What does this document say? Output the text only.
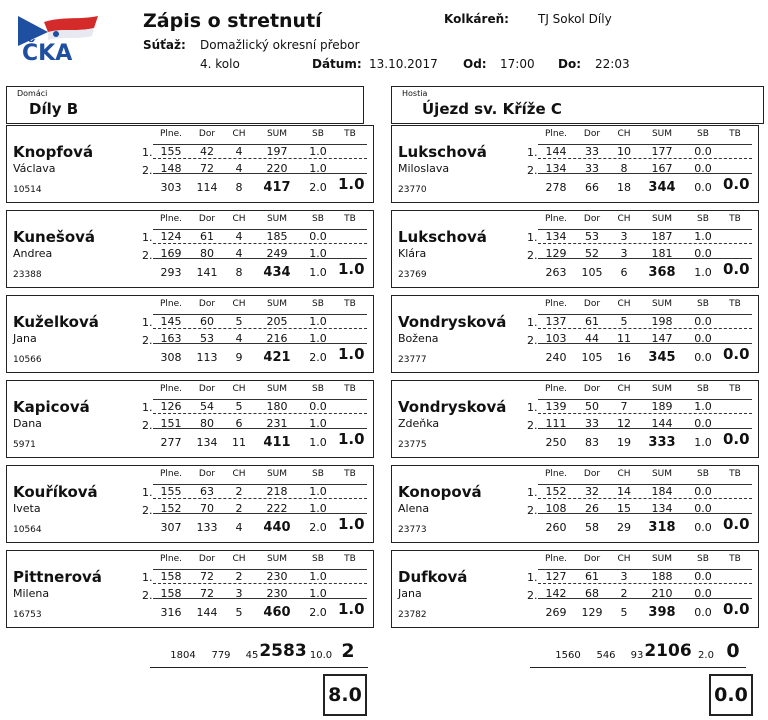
ČKA
Zápis o stretnutí	Kolkáreň: TJ Sokol Díly
Súťaž: Domažlický okresní přebor
4. kolo	Dátum: 13.10.2017 Od: 17:00 Do: 22:03
Domáci
Díly B
Hostia
Újezd sv. Kříže C
Plne.	Dor	CH	SUM	SB	TB
Knopfová
Václava
10514
1.
2.
155	42	4	197	1.0
148	72	4	220	1.0
303	114	8	417	2.0 1.0
Plne.	Dor	CH	SUM	SB	TB
Kunešová
Andrea
23388
1.
2.
124	61	4	185	0.0
169	80	4	249	1.0
293	141	8	434	1.0 1.0
Plne.	Dor	CH	SUM	SB	TB
Kuželková
Jana
10566
1.
2.
145	60	5	205	1.0
163	53	4	216	1.0
308	113	9	421	2.0 1.0
Plne.	Dor	CH	SUM	SB	TB
Kapicová
Dana
5971
1.
2.
126	54	5	180	0.0
151	80	6	231	1.0
277	134	11	411	1.0 1.0
Plne.	Dor	CH	SUM	SB	TB
Kouříková
Iveta
10564
1.
2.
155	63	2	218	1.0
152	70	2	222	1.0
307	133	4	440	2.0 1.0
Plne.	Dor	CH	SUM	SB	TB
Pittnerová
Milena
16753
1.
2.
158	72	2	230	1.0
158	72	3	230	1.0
316	144	5	460	2.0 1.0
Plne.	Dor	CH	SUM	SB	TB
Lukschová
Miloslava
23770
1.
2.
144	33	10	177	0.0
134	33	8	167	0.0
278	66	18	344	0.0 0.0
Plne.	Dor	CH	SUM	SB	TB
Lukschová
Klára
23769
1.
2.
134	53	3	187	1.0
129	52	3	181	0.0
263	105	6	368	1.0 0.0
Plne.	Dor	CH	SUM	SB	TB
Vondrysková
Božena
23777
1.
2.
137	61	5	198	0.0
103	44	11	147	0.0
240	105	16	345	0.0 0.0
Plne.	Dor	CH	SUM	SB	TB
Vondrysková
Zdeňka
23775
1.
2.
139	50	7	189	1.0
111	33	12	144	0.0
250	83	19	333	1.0 0.0
Plne.	Dor	CH	SUM	SB	TB
Konopová
Alena
23773
1.
2.
152	32	14	184	0.0
108	26	15	134	0.0
260	58	29	318	0.0 0.0
Plne.	Dor	CH	SUM	SB	TB
Dufková
Jana
23782
1.
2.
127	61	3	188	0.0
142	68	2	210	0.0
269	129	5	398	0.0 0.0
1804	779	45 2583 10.0 2	1560	546	93 2106 2.0 0
8.0	0.0
